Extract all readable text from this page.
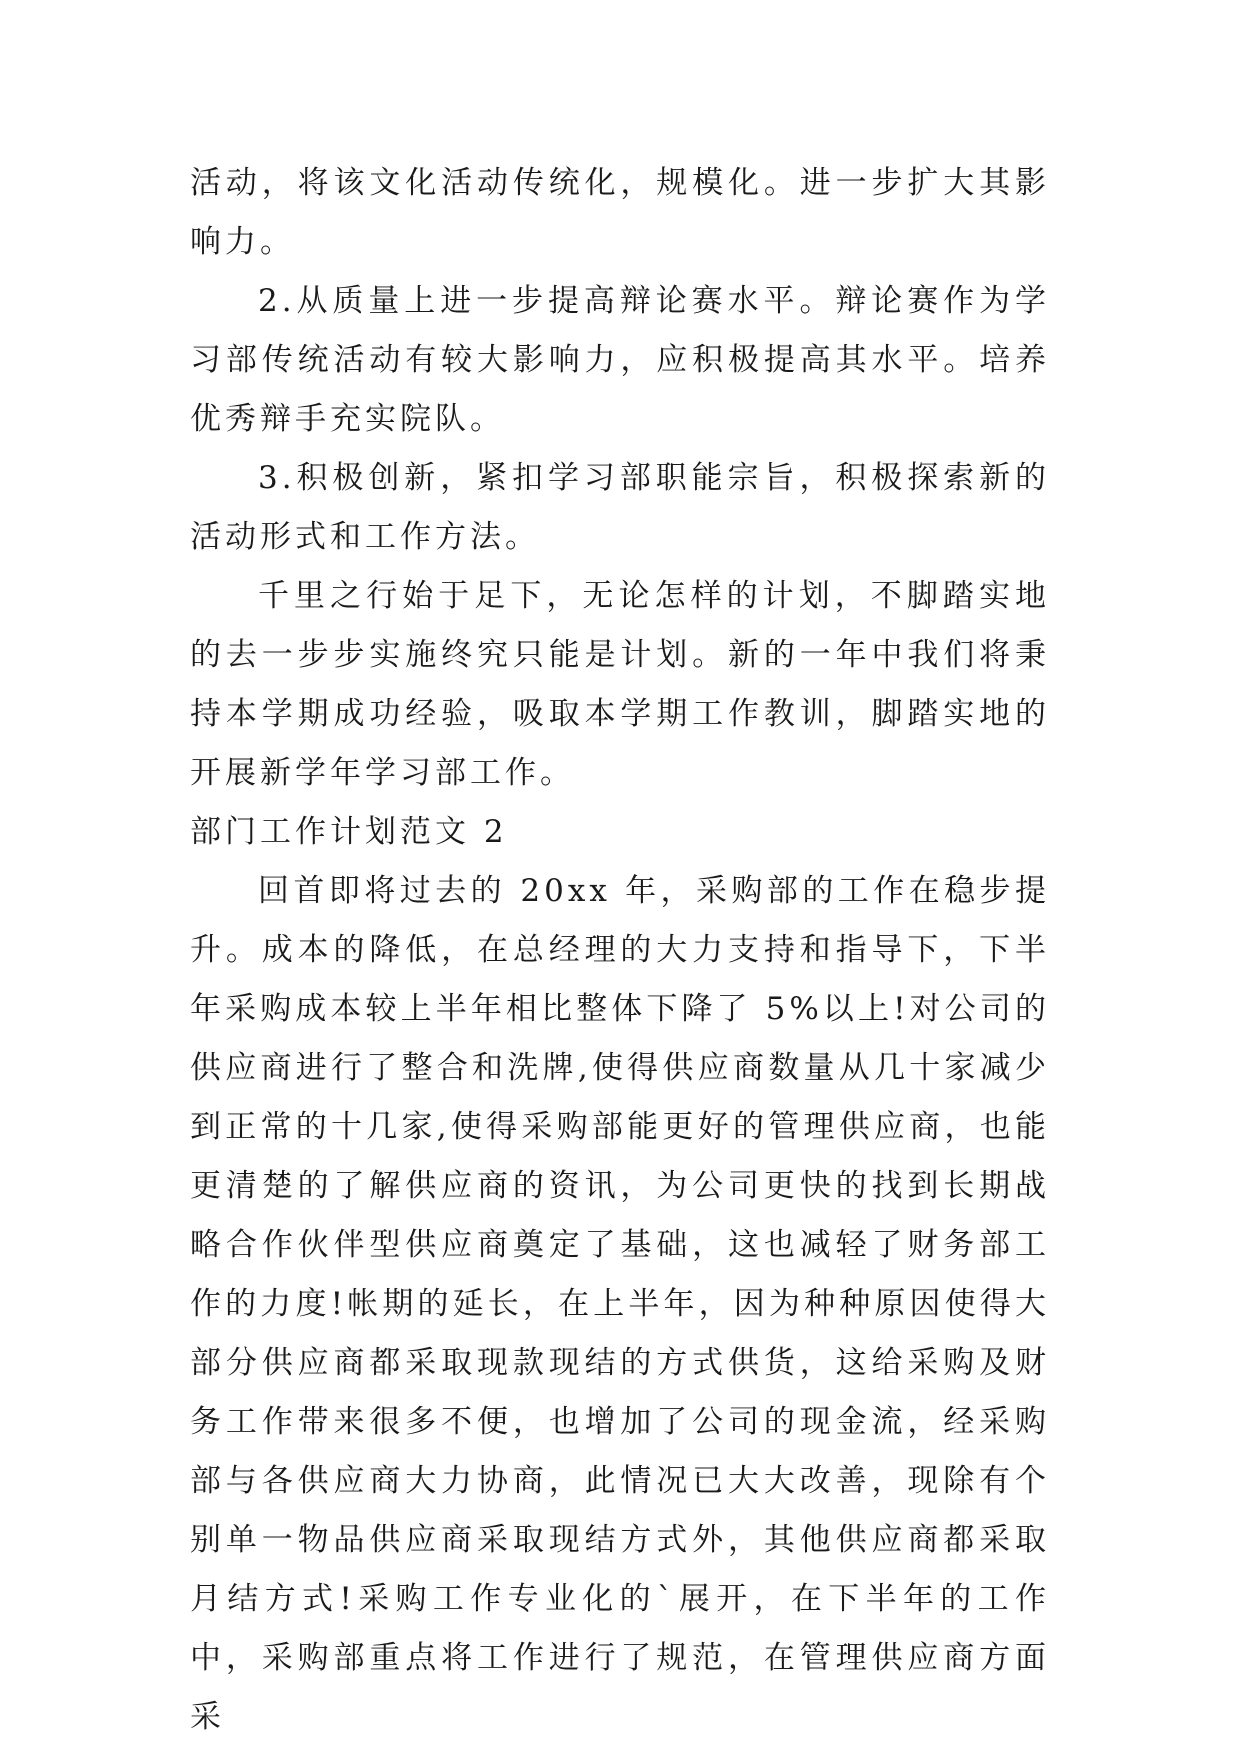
活动，将该文化活动传统化，规模化。进一步扩大其影响力。

2.从质量上进一步提高辩论赛水平。辩论赛作为学习部传统活动有较大影响力，应积极提高其水平。培养优秀辩手充实院队。

3.积极创新，紧扣学习部职能宗旨，积极探索新的活动形式和工作方法。

千里之行始于足下，无论怎样的计划，不脚踏实地的去一步步实施终究只能是计划。新的一年中我们将秉持本学期成功经验，吸取本学期工作教训，脚踏实地的开展新学年学习部工作。

部门工作计划范文 2

回首即将过去的 20xx 年，采购部的工作在稳步提升。成本的降低，在总经理的大力支持和指导下，下半年采购成本较上半年相比整体下降了 5%以上!对公司的供应商进行了整合和洗牌,使得供应商数量从几十家减少到正常的十几家,使得采购部能更好的管理供应商，也能更清楚的了解供应商的资讯，为公司更快的找到长期战略合作伙伴型供应商奠定了基础，这也减轻了财务部工作的力度!帐期的延长，在上半年，因为种种原因使得大部分供应商都采取现款现结的方式供货，这给采购及财务工作带来很多不便，也增加了公司的现金流，经采购部与各供应商大力协商，此情况已大大改善，现除有个别单一物品供应商采取现结方式外，其他供应商都采取月结方式!采购工作专业化的`展开，在下半年的工作中，采购部重点将工作进行了规范，在管理供应商方面采
